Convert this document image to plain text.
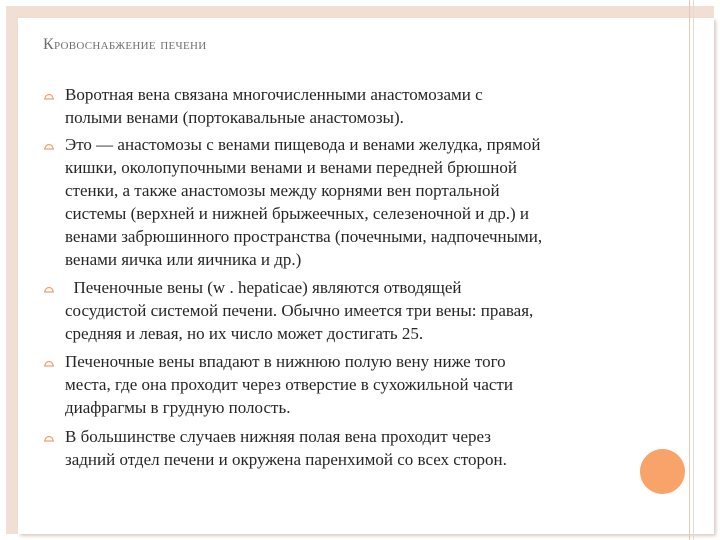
Кровоснабжение печени
Воротная вена связана многочисленными анастомозами с
полыми венами (портокавальные анастомозы).
Это — анастомозы с венами пищевода и венами желудка, прямой
кишки, околопупочными венами и венами передней брюшной
стенки, а также анастомозы между корнями вен портальной
системы (верхней и нижней брыжеечных, селезеночной и др.) и
венами забрюшинного пространства (почечными, надпочечными,
венами яичка или яичника и др.)
Печеночные вены (w . hepaticae) являются отводящей
сосудистой системой печени. Обычно имеется три вены: правая,
средняя и левая, но их число может достигать 25.
Печеночные вены впадают в нижнюю полую вену ниже того
места, где она проходит через отверстие в сухожильной части
диафрагмы в грудную полость.
В большинстве случаев нижняя полая вена проходит через
задний отдел печени и окружена паренхимой со всех сторон.
